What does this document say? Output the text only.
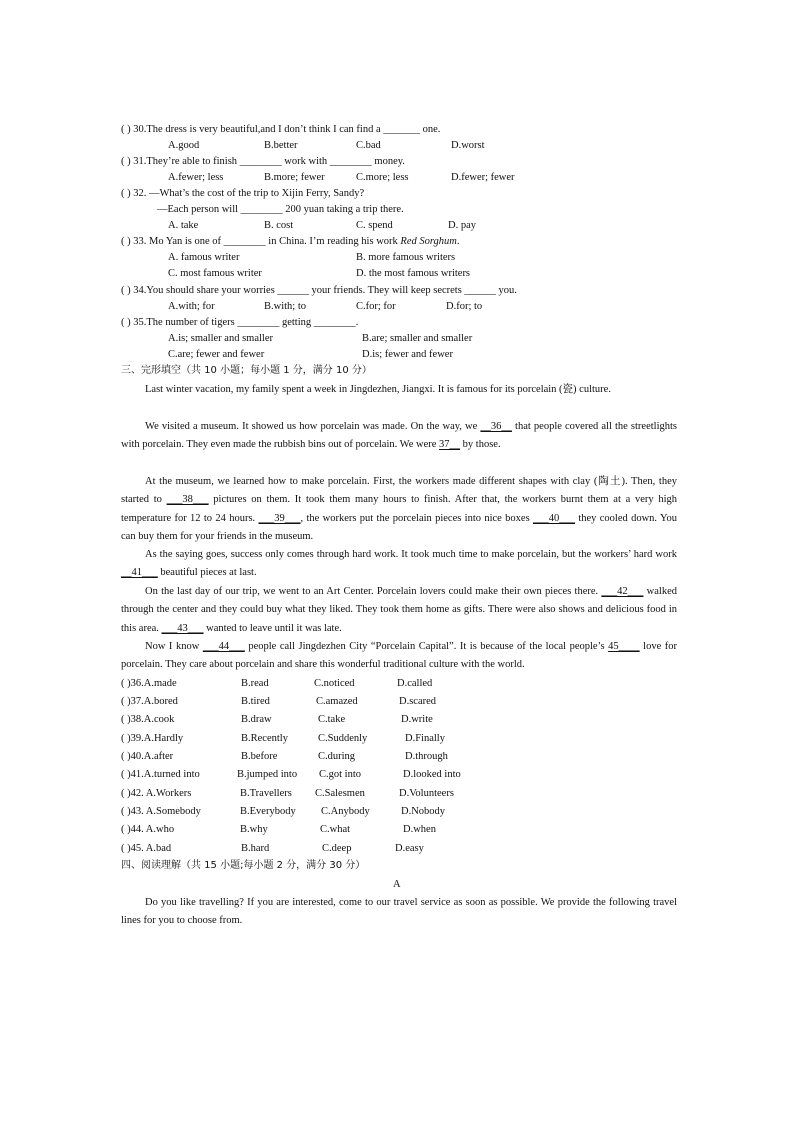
( ) 30.The dress is very beautiful,and I don’t think I can find a _______ one.
A.good	B.better	C.bad	D.worst
( ) 31.They’re able to finish ________ work with ________ money.
A.fewer; less	B.more; fewer	C.more; less	D.fewer; fewer
( ) 32. —What’s the cost of the trip to Xijin Ferry, Sandy?
—Each person will ________ 200 yuan taking a trip there.
A. take	B. cost	C. spend	D. pay
( ) 33. Mo Yan is one of ________ in China. I’m reading his work Red Sorghum.
A. famous writer	B. more famous writers
C. most famous writer	D. the most famous writers
( ) 34.You should share your worries ______ your friends. They will keep secrets ______ you.
A.with; for	B.with; to	C.for; for	D.for; to
( ) 35.The number of tigers ________ getting ________.
A.is; smaller and smaller	B.are; smaller and smaller
C.are; fewer and fewer	D.is; fewer and fewer
三、完形填空（共 10 小题；每小题 1 分，满分 10 分）
Last winter vacation, my family spent a week in Jingdezhen, Jiangxi. It is famous for its porcelain (瓷) culture.
We visited a museum. It showed us how porcelain was made. On the way, we __36__ that people covered all the streetlights with porcelain. They even made the rubbish bins out of porcelain. We were 37__ by those.
At the museum, we learned how to make porcelain. First, the workers made different shapes with clay (陶土). Then, they started to ___38___ pictures on them. It took them many hours to finish. After that, the workers burnt them at a very high temperature for 12 to 24 hours. ___39___, the workers put the porcelain pieces into nice boxes ___40___ they cooled down. You can buy them for your friends in the museum.
As the saying goes, success only comes through hard work. It took much time to make porcelain, but the workers’ hard work __41___ beautiful pieces at last.
On the last day of our trip, we went to an Art Center. Porcelain lovers could make their own pieces there. ___42___ walked through the center and they could buy what they liked. They took them home as gifts. There were also shows and delicious food in this area. ___43___ wanted to leave until it was late.
Now I know ___44___ people call Jingdezhen City “Porcelain Capital”. It is because of the local people’s 45____ love for porcelain. They care about porcelain and share this wonderful traditional culture with the world.
( )36.A.made	B.read	C.noticed	D.called
( )37.A.bored	B.tired	C.amazed	D.scared
( )38.A.cook	B.draw	C.take	D.write
( )39.A.Hardly	B.Recently	C.Suddenly	D.Finally
( )40.A.after	B.before	C.during	D.through
( )41.A.turned into	B.jumped into C.got into	D.looked into
( )42. A.Workers	B.Travellers C.Salesmen	D.Volunteers
( )43. A.Somebody	B.Everybody C.Anybody	D.Nobody
( )44. A.who	B.why	C.what	D.when
( )45. A.bad	B.hard	C.deep	D.easy
四、阅读理解（共 15 小题;每小题 2 分，满分 30 分）
A
Do you like travelling? If you are interested, come to our travel service as soon as possible. We provide the following travel lines for you to choose from.
